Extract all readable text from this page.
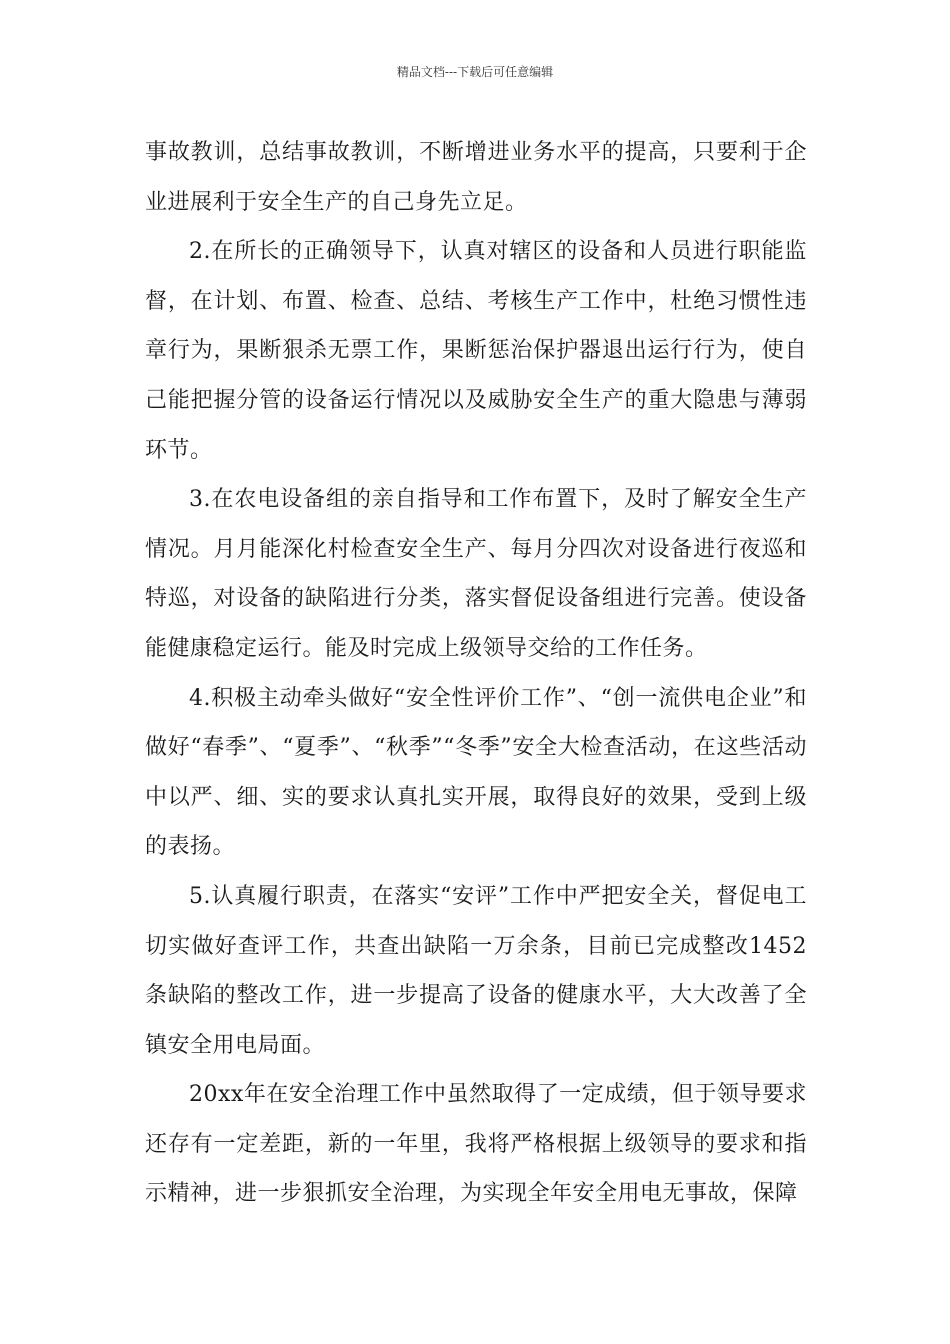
精品文档---下载后可任意编辑

事故教训，总结事故教训，不断增进业务水平的提高，只要利于企业进展利于安全生产的自己身先立足。

2.在所长的正确领导下，认真对辖区的设备和人员进行职能监督，在计划、布置、检查、总结、考核生产工作中，杜绝习惯性违章行为，果断狠杀无票工作，果断惩治保护器退出运行行为，使自己能把握分管的设备运行情况以及威胁安全生产的重大隐患与薄弱环节。

3.在农电设备组的亲自指导和工作布置下，及时了解安全生产情况。月月能深化村检查安全生产、每月分四次对设备进行夜巡和特巡，对设备的缺陷进行分类，落实督促设备组进行完善。使设备能健康稳定运行。能及时完成上级领导交给的工作任务。

4.积极主动牵头做好“安全性评价工作”、“创一流供电企业”和做好“春季”、“夏季”、“秋季”“冬季”安全大检查活动，在这些活动中以严、细、实的要求认真扎实开展，取得良好的效果，受到上级的表扬。

5.认真履行职责，在落实“安评”工作中严把安全关，督促电工切实做好查评工作，共查出缺陷一万余条，目前已完成整改1452条缺陷的整改工作，进一步提高了设备的健康水平，大大改善了全镇安全用电局面。

20xx年在安全治理工作中虽然取得了一定成绩，但于领导要求还存有一定差距，新的一年里，我将严格根据上级领导的要求和指示精神，进一步狠抓安全治理，为实现全年安全用电无事故，保障
